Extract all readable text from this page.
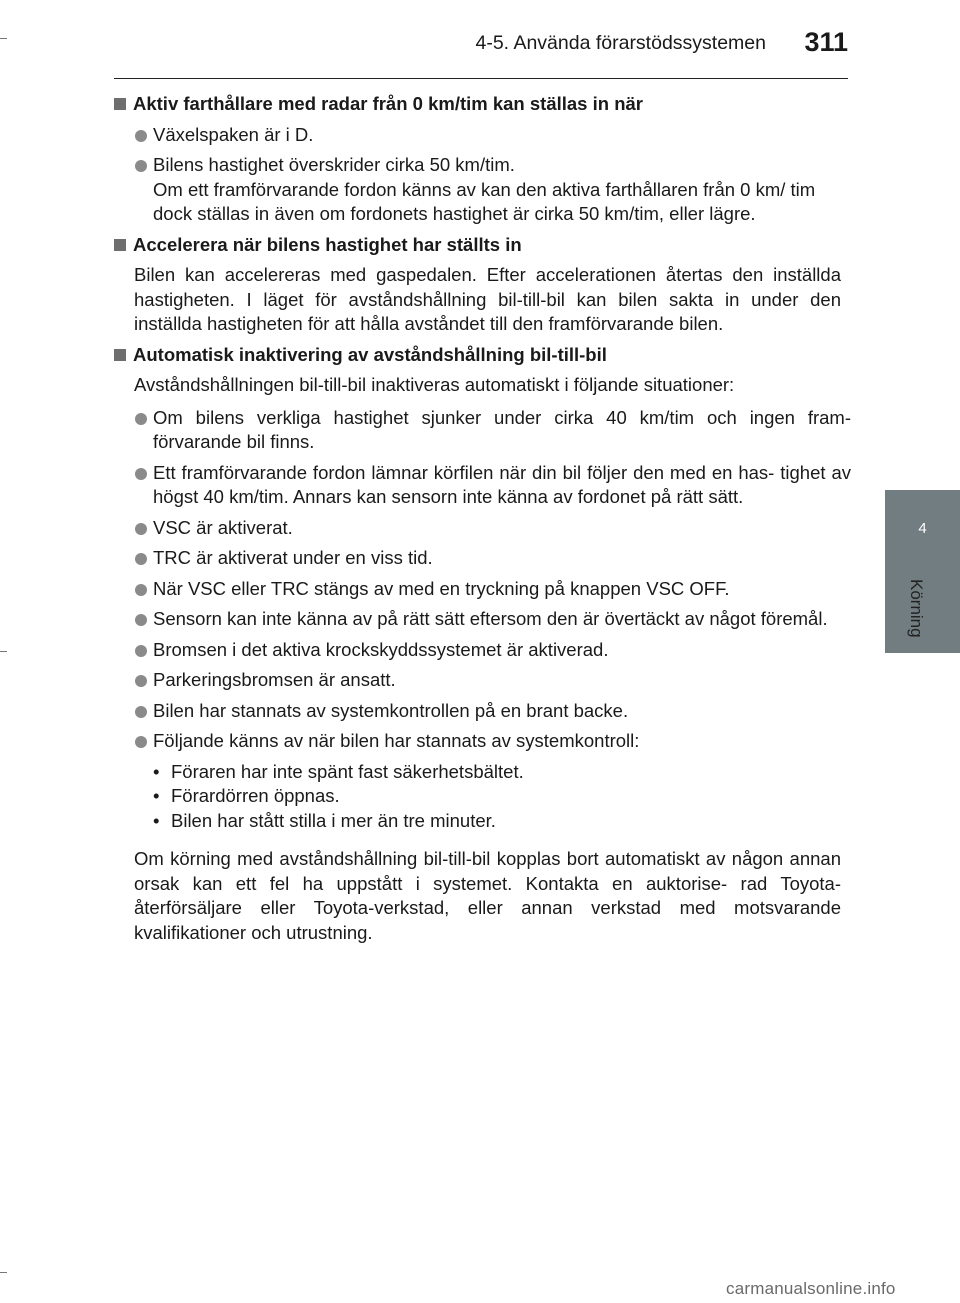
4-5. Använda förarstödssystemen 311
4
Körning
Aktiv farthållare med radar från 0 km/tim kan ställas in när
Växelspaken är i D.
Bilens hastighet överskrider cirka 50 km/tim.
Om ett framförvarande fordon känns av kan den aktiva farthållaren från 0 km/ tim dock ställas in även om fordonets hastighet är cirka 50 km/tim, eller lägre.
Accelerera när bilens hastighet har ställts in
Bilen kan accelereras med gaspedalen. Efter accelerationen återtas den inställda hastigheten. I läget för avståndshållning bil-till-bil kan bilen sakta in under den inställda hastigheten för att hålla avståndet till den framförvarande bilen.
Automatisk inaktivering av avståndshållning bil-till-bil
Avståndshållningen bil-till-bil inaktiveras automatiskt i följande situationer:
Om bilens verkliga hastighet sjunker under cirka 40 km/tim och ingen fram- förvarande bil finns.
Ett framförvarande fordon lämnar körfilen när din bil följer den med en has- tighet av högst 40 km/tim. Annars kan sensorn inte känna av fordonet på rätt sätt.
VSC är aktiverat.
TRC är aktiverat under en viss tid.
När VSC eller TRC stängs av med en tryckning på knappen VSC OFF.
Sensorn kan inte känna av på rätt sätt eftersom den är övertäckt av något föremål.
Bromsen i det aktiva krockskyddssystemet är aktiverad.
Parkeringsbromsen är ansatt.
Bilen har stannats av systemkontrollen på en brant backe.
Följande känns av när bilen har stannats av systemkontroll:
• Föraren har inte spänt fast säkerhetsbältet.
• Förardörren öppnas.
• Bilen har stått stilla i mer än tre minuter.
Om körning med avståndshållning bil-till-bil kopplas bort automatiskt av någon annan orsak kan ett fel ha uppstått i systemet. Kontakta en auktorise- rad Toyota-återförsäljare eller Toyota-verkstad, eller annan verkstad med motsvarande kvalifikationer och utrustning.
carmanualsonline.info
